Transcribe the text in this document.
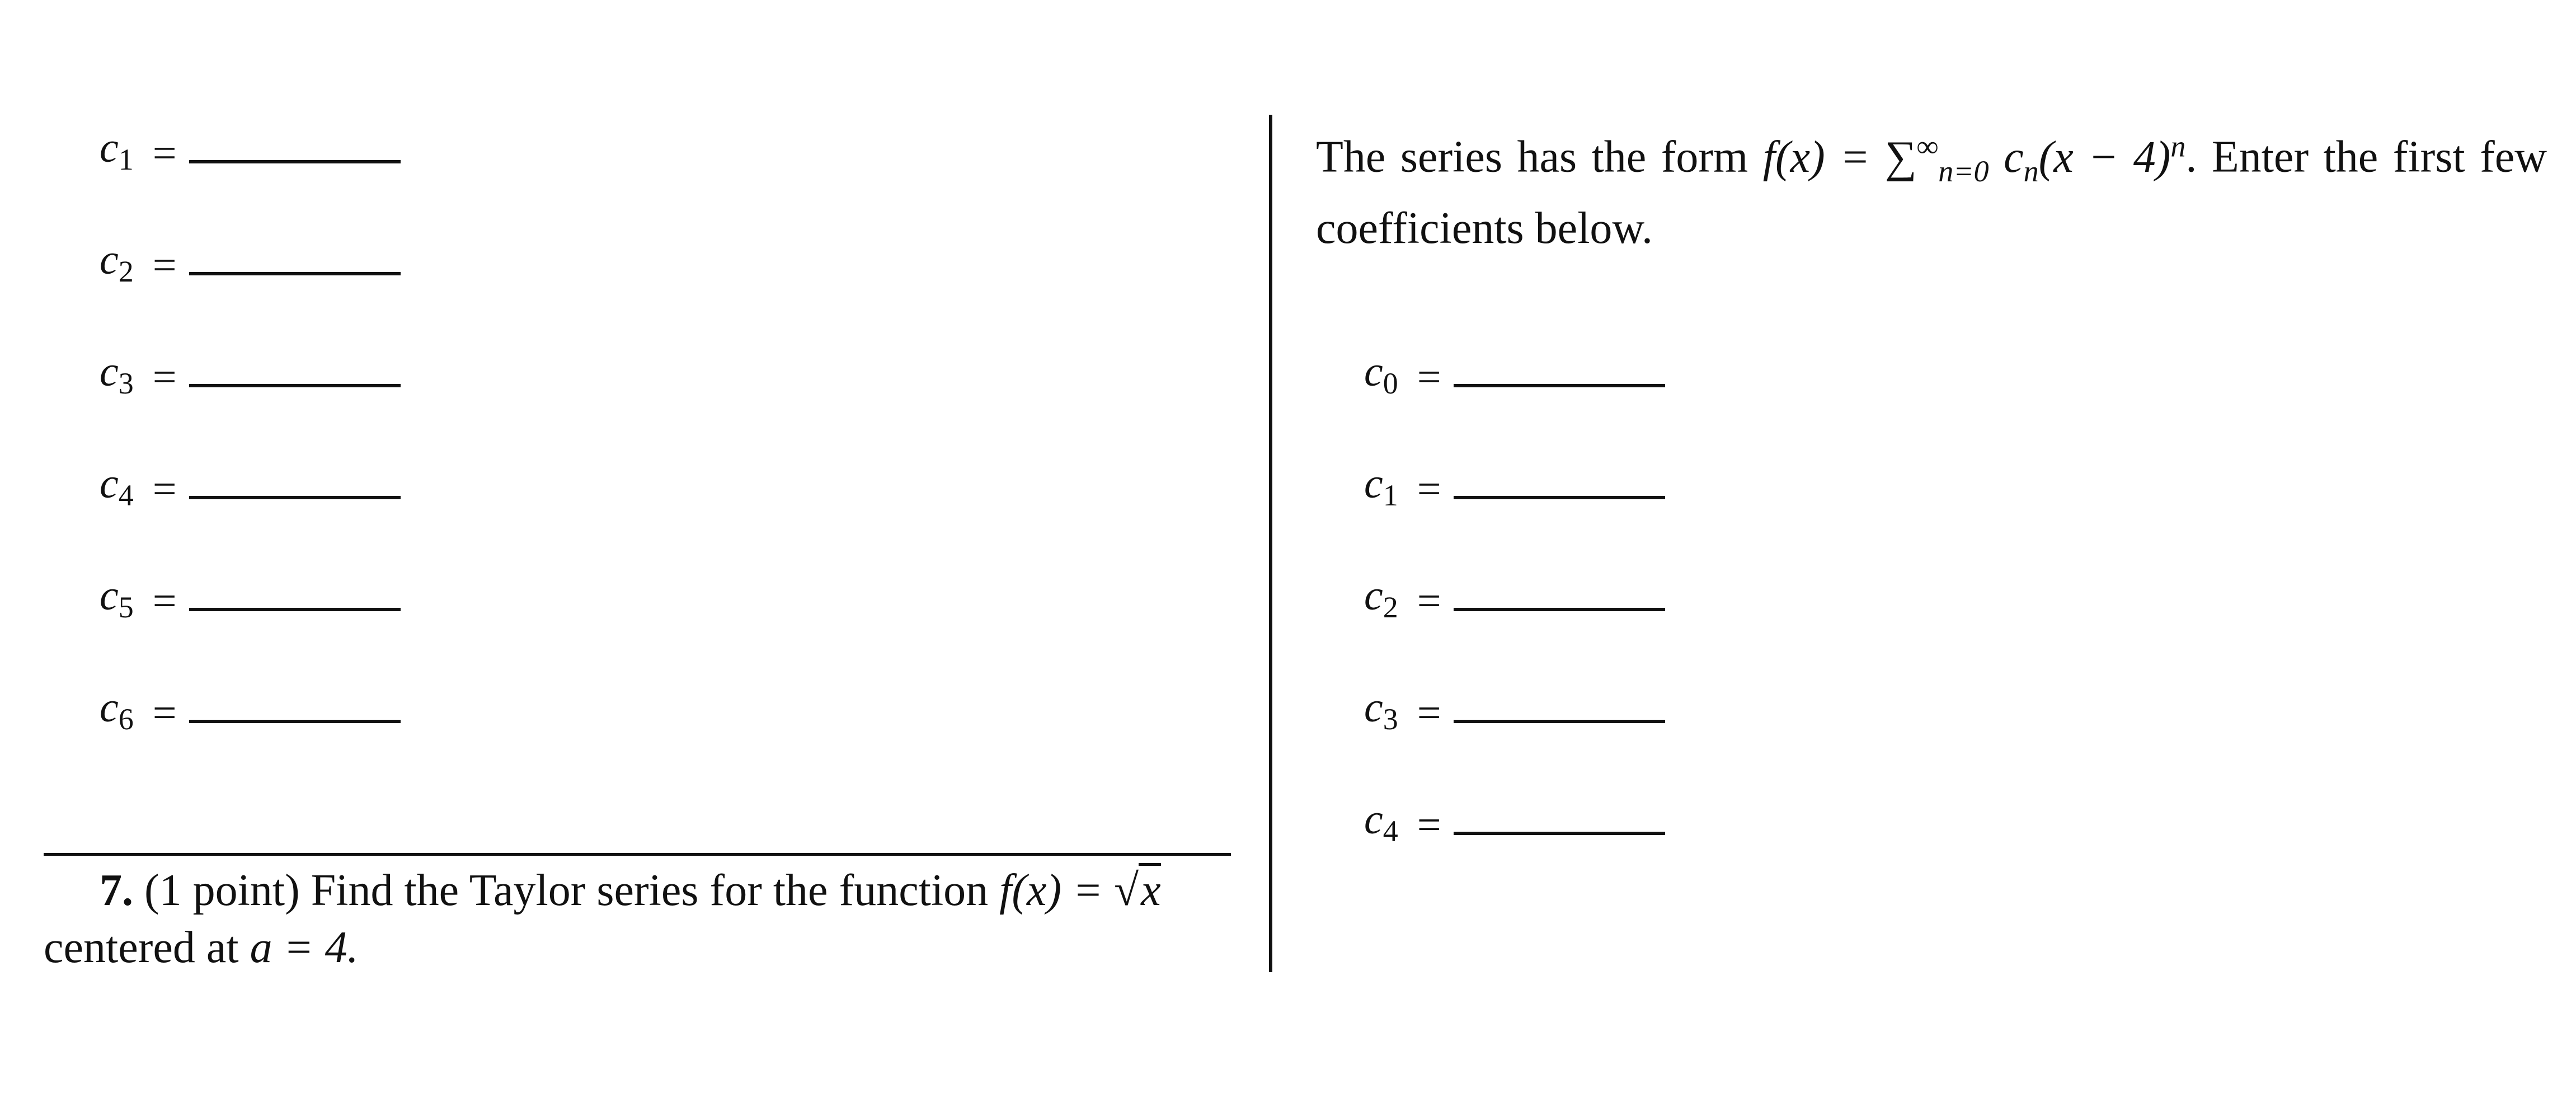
$c_1$ =
$c_2$ =
$c_3$ =
$c_4$ =
$c_5$ =
$c_6$ =
7. (1 point) Find the Taylor series for the function f(x) = √x
centered at a = 4.
The series has the form $f(x) = \sum^\infty_{n=0}$ $c_n(x - 4)^n$. Enter the first few coefficients below.
$c_0$ =
$c_1$ =
$c_2$ =
$c_3$ =
$c_4$ =
